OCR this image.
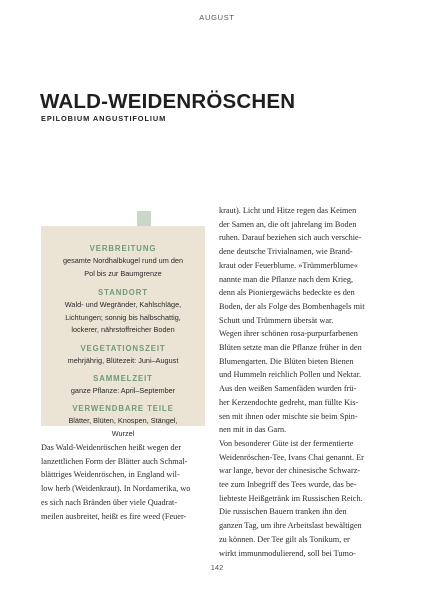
AUGUST
WALD-WEIDENRÖSCHEN
EPILOBIUM ANGUSTIFOLIUM
VERBREITUNG
gesamte Nordhalbkugel rund um den
Pol bis zur Baumgrenze
STANDORT
Wald- und Wegränder, Kahlschläge,
Lichtungen; sonnig bis halbschattig,
lockerer, nährstoffreicher Boden
VEGETATIONSZEIT
mehrjährig, Blütezeit: Juni–August
SAMMELZEIT
ganze Pflanze: April–September
VERWENDBARE TEILE
Blätter, Blüten, Knospen, Stängel,
Wurzel

Das Wald-Weidenröschen heißt wegen der

lanzettlichen Form der Blätter auch Schmal-

blättriges Weidenröschen, in England wil-

low herb (Weidenkraut). In Nordamerika, wo

es sich nach Bränden über viele Quadrat-

meilen ausbreitet, heißt es fire weed (Feuer-

kraut). Licht und Hitze regen das Keimen

der Samen an, die oft jahrelang im Boden

ruhen. Darauf beziehen sich auch verschie-

dene deutsche Trivialnamen, wie Brand-

kraut oder Feuerblume. »Trümmerblume«

nannte man die Pflanze nach dem Krieg,

denn als Pioniergewächs bedeckte es den

Boden, der als Folge des Bombenhagels mit

Schutt und Trümmern übersät war.

Wegen ihrer schönen rosa-purpurfarbenen

Blüten setzte man die Pflanze früher in den

Blumengarten. Die Blüten bieten Bienen

und Hummeln reichlich Pollen und Nektar.

Aus den weißen Samenfäden wurden frü-

her Kerzendochte gedreht, man füllte Kis-

sen mit ihnen oder mischte sie beim Spin-

nen mit in das Garn.

Von besonderer Güte ist der fermentierte

Weidenröschen-Tee, Ivans Chai genannt. Er

war lange, bevor der chinesische Schwarz-

tee zum Inbegriff des Tees wurde, das be-

liebteste Heißgetränk im Russischen Reich.

Die russischen Bauern tranken ihn den

ganzen Tag, um ihre Arbeitslast bewältigen

zu können. Der Tee gilt als Tonikum, er

wirkt immunmodulierend, soll bei Tumo-

142
